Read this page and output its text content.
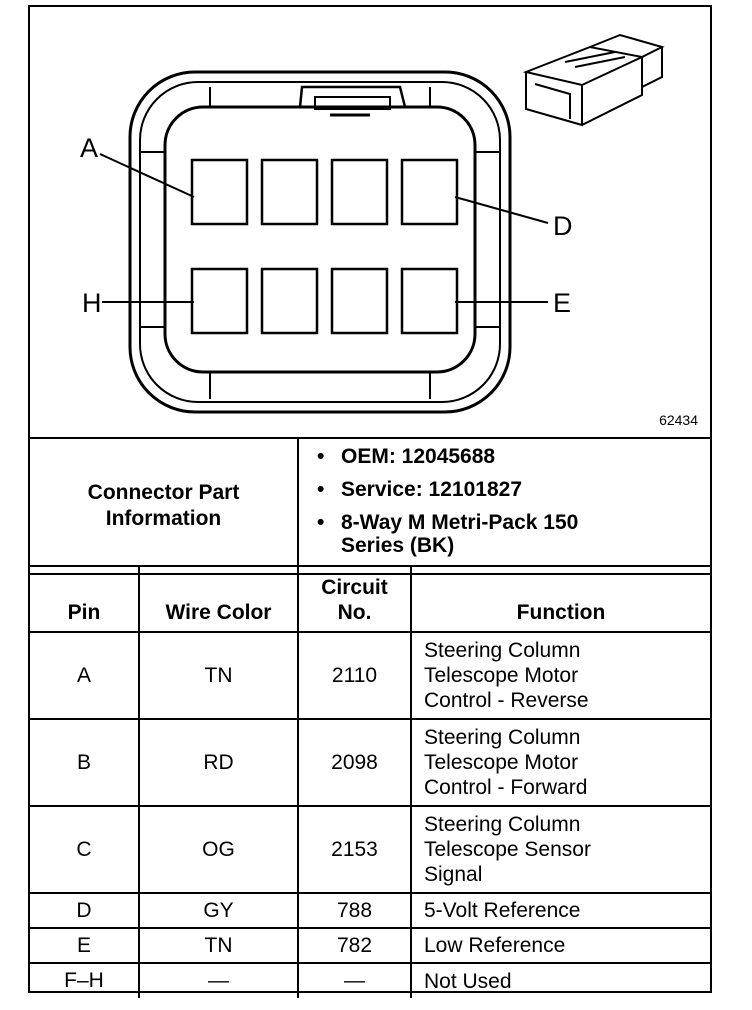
A
D
H	E
62434
Connector Part Information	
• OEM: 12045688
• Service: 12101827
• 8-Way M Metri-Pack 150 Series (BK)
Pin	Wire Color	Circuit No.	Function
A	TN	2110	Steering Column Telescope Motor Control - Reverse

B	RD	2098	Steering Column Telescope Motor Control - Forward

C	OG	2153	Steering Column Telescope Sensor Signal

D	GY	788	5-Volt Reference
E	TN	782	Low Reference
F–H	—	—	Not Used
